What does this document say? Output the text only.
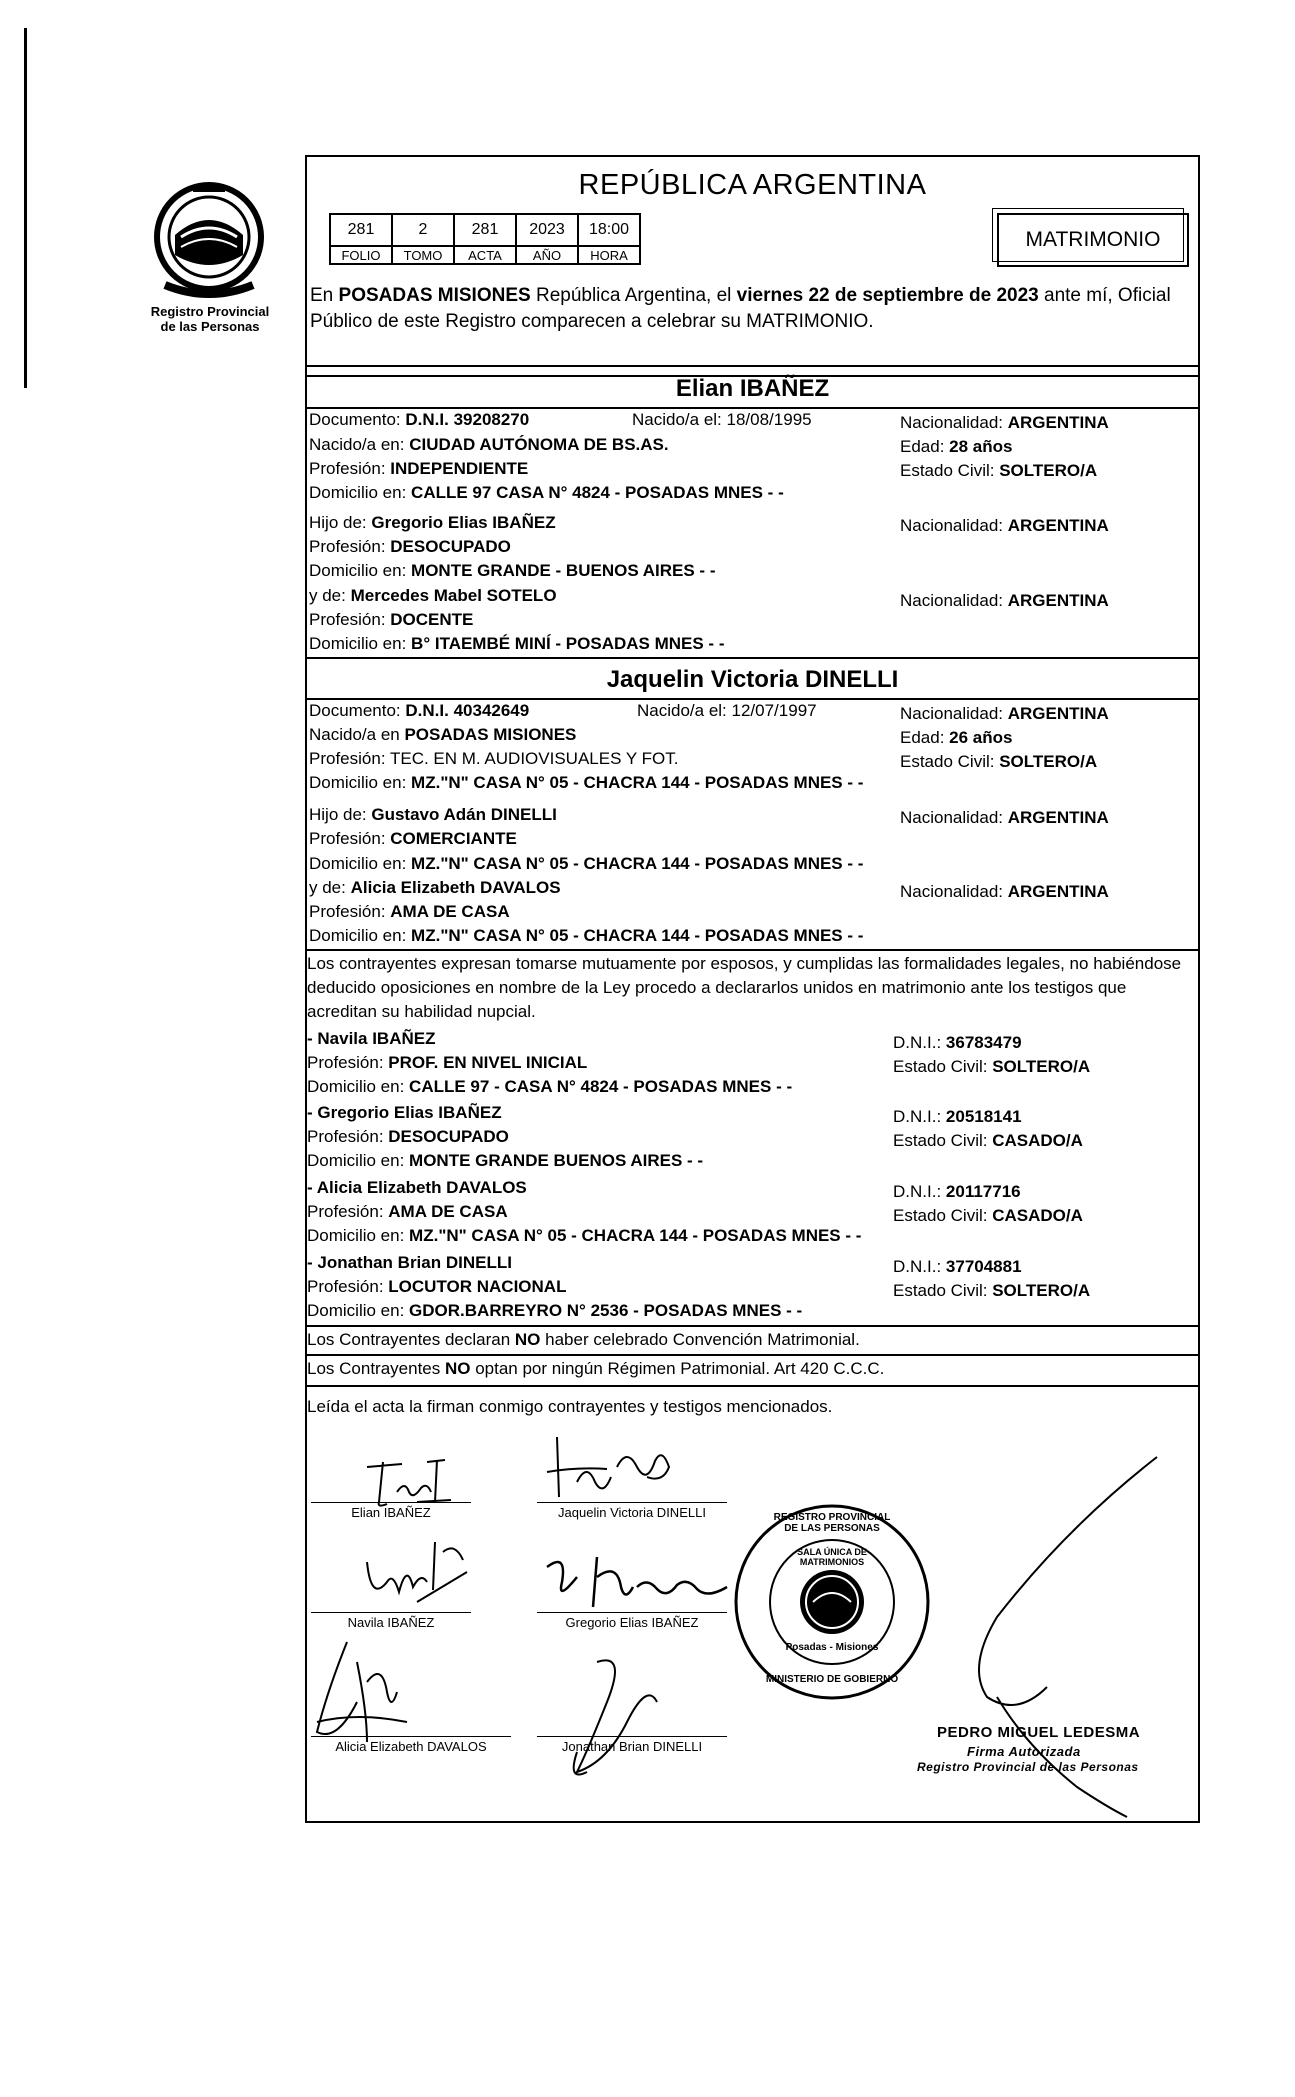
Registro Provincial
de las Personas
REPÚBLICA ARGENTINA
281	2	281	2023	18:00
FOLIO	TOMO	ACTA	AÑO	HORA
MATRIMONIO
En POSADAS MISIONES República Argentina, el viernes 22 de septiembre de 2023 ante mí, Oficial Público de este Registro comparecen a celebrar su MATRIMONIO.
Elian IBAÑEZ
Documento: D.N.I. 39208270	Nacido/a el: 18/08/1995	Nacionalidad: ARGENTINA
Nacido/a en: CIUDAD AUTÓNOMA DE BS.AS.	Edad: 28 años
Profesión: INDEPENDIENTE	Estado Civil: SOLTERO/A
Domicilio en: CALLE 97 CASA N° 4824 - POSADAS MNES - -
Hijo de: Gregorio Elias IBAÑEZ	Nacionalidad: ARGENTINA
Profesión: DESOCUPADO
Domicilio en: MONTE GRANDE - BUENOS AIRES - -
y de: Mercedes Mabel SOTELO	Nacionalidad: ARGENTINA
Profesión: DOCENTE
Domicilio en: B° ITAEMBÉ MINÍ - POSADAS MNES - -
Jaquelin Victoria DINELLI
Documento: D.N.I. 40342649	Nacido/a el: 12/07/1997	Nacionalidad: ARGENTINA
Nacido/a en POSADAS MISIONES	Edad: 26 años
Profesión: TEC. EN M. AUDIOVISUALES Y FOT.	Estado Civil: SOLTERO/A
Domicilio en: MZ."N" CASA N° 05 - CHACRA 144 - POSADAS MNES - -
Hijo de: Gustavo Adán DINELLI	Nacionalidad: ARGENTINA
Profesión: COMERCIANTE
Domicilio en: MZ."N" CASA N° 05 - CHACRA 144 - POSADAS MNES - -
y de: Alicia Elizabeth DAVALOS	Nacionalidad: ARGENTINA
Profesión: AMA DE CASA
Domicilio en: MZ."N" CASA N° 05 - CHACRA 144 - POSADAS MNES - -
Los contrayentes expresan tomarse mutuamente por esposos, y cumplidas las formalidades legales, no habiéndose deducido oposiciones en nombre de la Ley procedo a declararlos unidos en matrimonio ante los testigos que acreditan su habilidad nupcial.
- Navila IBAÑEZ	D.N.I.: 36783479
Profesión: PROF. EN NIVEL INICIAL	Estado Civil: SOLTERO/A
Domicilio en: CALLE 97 - CASA N° 4824 - POSADAS MNES - -
- Gregorio Elias IBAÑEZ	D.N.I.: 20518141
Profesión: DESOCUPADO	Estado Civil: CASADO/A
Domicilio en: MONTE GRANDE BUENOS AIRES - -
- Alicia Elizabeth DAVALOS	D.N.I.: 20117716
Profesión: AMA DE CASA	Estado Civil: CASADO/A
Domicilio en: MZ."N" CASA N° 05 - CHACRA 144 - POSADAS MNES - -
- Jonathan Brian DINELLI	D.N.I.: 37704881
Profesión: LOCUTOR NACIONAL	Estado Civil: SOLTERO/A
Domicilio en: GDOR.BARREYRO N° 2536 - POSADAS MNES - -
Los Contrayentes declaran NO haber celebrado Convención Matrimonial.
Los Contrayentes NO optan por ningún Régimen Patrimonial. Art 420 C.C.C.
Leída el acta la firman conmigo contrayentes y testigos mencionados.
Elian IBAÑEZ	Jaquelin Victoria DINELLI
Navila IBAÑEZ	Gregorio Elias IBAÑEZ
Alicia Elizabeth DAVALOS	Jonathan Brian DINELLI
REGISTRO PROVINCIAL DE LAS PERSONAS
SALA ÚNICA DE MATRIMONIOS
Posadas - Misiones
MINISTERIO DE GOBIERNO
PEDRO MIGUEL LEDESMA
Firma Autorizada
Registro Provincial de las Personas
